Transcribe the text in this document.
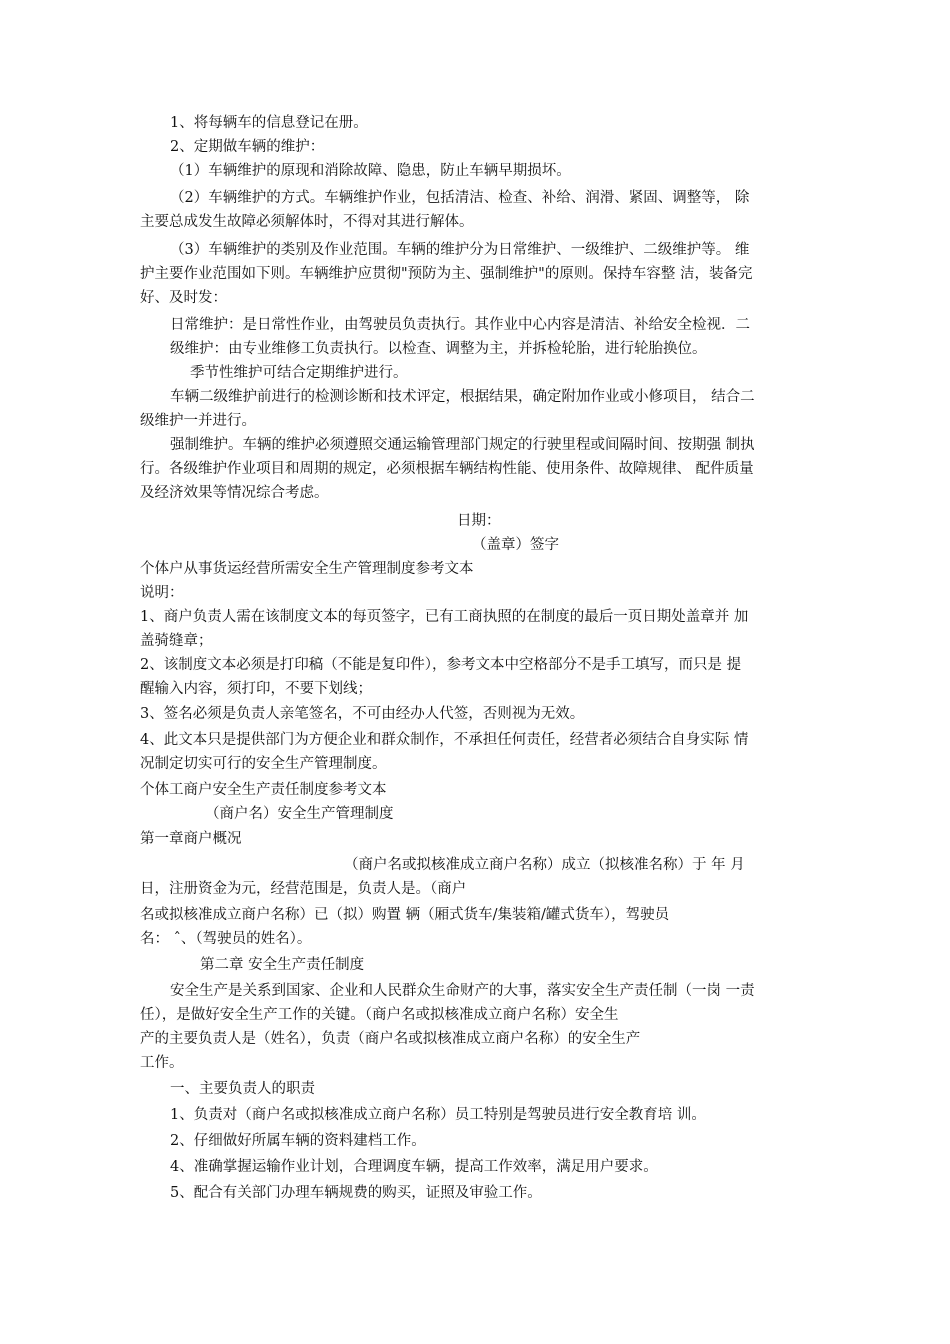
1、将每辆车的信息登记在册。
2、定期做车辆的维护：
（1）车辆维护的原现和消除故障、隐患，防止车辆早期损坏。
（2）车辆维护的方式。车辆维护作业，包括清洁、检查、补给、润滑、紧固、调整等， 除
主要总成发生故障必须解体时，不得对其进行解体。
（3）车辆维护的类别及作业范围。车辆的维护分为日常维护、一级维护、二级维护等。 维
护主要作业范围如下则。车辆维护应贯彻"预防为主、强制维护"的原则。保持车容整 洁，装备完
好、及时发：
日常维护：是日常性作业，由驾驶员负责执行。其作业中心内容是清洁、补给安全检视．二
级维护：由专业维修工负责执行。以检查、调整为主，并拆检轮胎，进行轮胎换位。
季节性维护可结合定期维护进行。
车辆二级维护前进行的检测诊断和技术评定，根据结果，确定附加作业或小修项目， 结合二
级维护一并进行。
强制维护。车辆的维护必须遵照交通运输管理部门规定的行驶里程或间隔时间、按期强 制执
行。各级维护作业项目和周期的规定，必须根据车辆结构性能、使用条件、故障规律、 配件质量
及经济效果等情况综合考虑。
日期：
（盖章）签字
个体户从事货运经营所需安全生产管理制度参考文本
说明：
1、商户负责人需在该制度文本的每页签字，已有工商执照的在制度的最后一页日期处盖章并 加
盖骑缝章；
2、该制度文本必须是打印稿（不能是复印件），参考文本中空格部分不是手工填写，而只是 提
醒输入内容，须打印，不要下划线；
3、签名必须是负责人亲笔签名，不可由经办人代签，否则视为无效。
4、此文本只是提供部门为方便企业和群众制作，不承担任何责任，经营者必须结合自身实际 情
况制定切实可行的安全生产管理制度。
个体工商户安全生产责任制度参考文本
（商户名）安全生产管理制度
第一章商户概况
（商户名或拟核准成立商户名称）成立（拟核准名称）于 年 月
日，注册资金为元，经营范围是，负责人是。（商户
名或拟核准成立商户名称）已（拟）购置 辆（厢式货车/集装箱/罐式货车），驾驶员
名： ˆ、（驾驶员的姓名）。
第二章 安全生产责任制度
安全生产是关系到国家、企业和人民群众生命财产的大事，落实安全生产责任制（一岗 一责
任），是做好安全生产工作的关键。（商户名或拟核准成立商户名称）安全生
产的主要负责人是（姓名），负责（商户名或拟核准成立商户名称）的安全生产
工作。
一、主要负责人的职责
1、负责对（商户名或拟核准成立商户名称）员工特别是驾驶员进行安全教育培 训。
2、仔细做好所属车辆的资料建档工作。
4、准确掌握运输作业计划，合理调度车辆，提高工作效率，满足用户要求。
5、配合有关部门办理车辆规费的购买，证照及审验工作。
